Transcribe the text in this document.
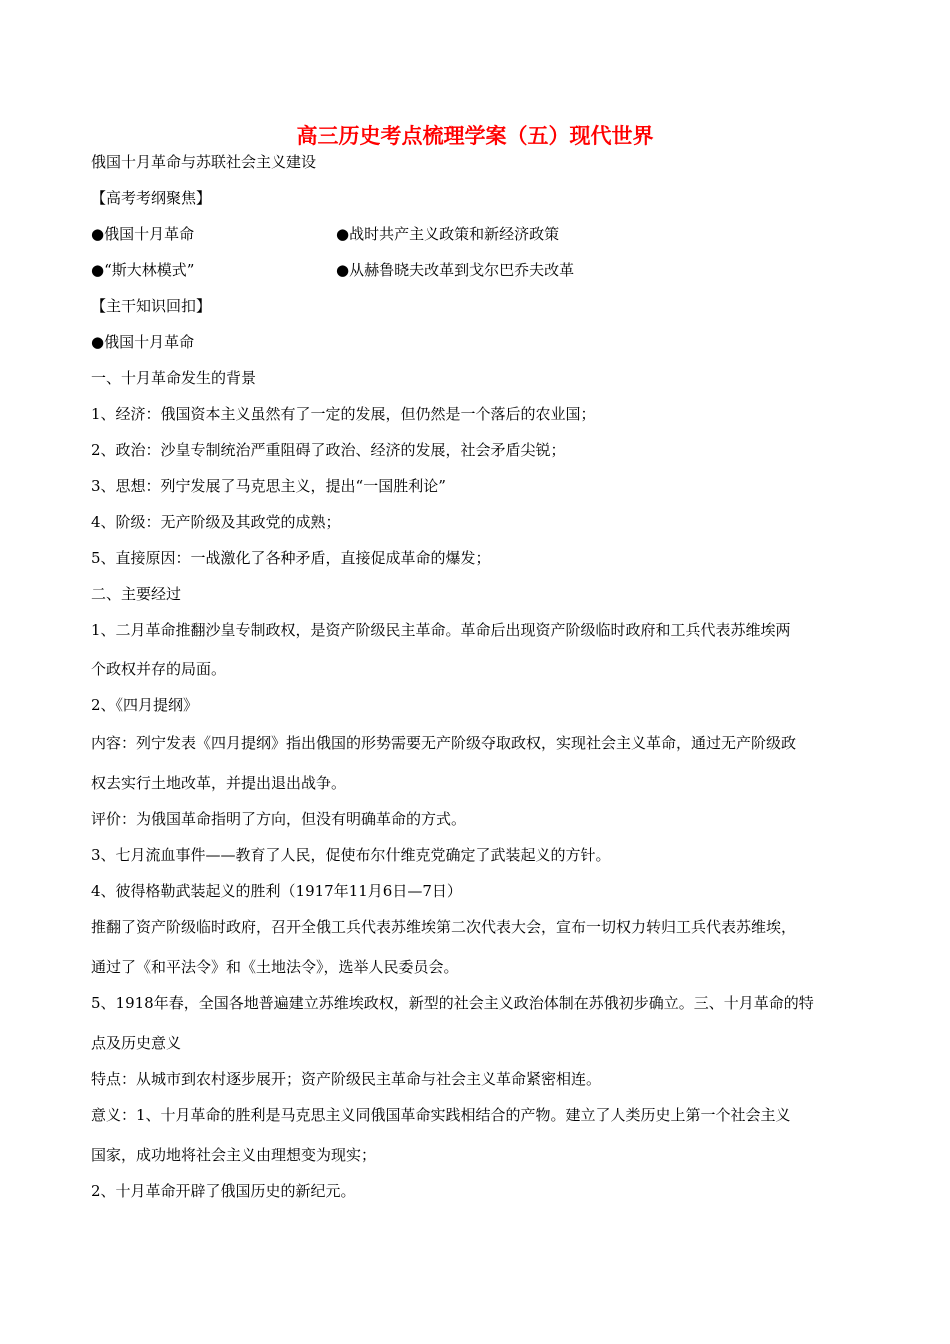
高三历史考点梳理学案（五）现代世界
俄国十月革命与苏联社会主义建设
【高考考纲聚焦】
●俄国十月革命	●战时共产主义政策和新经济政策
●“斯大林模式”	●从赫鲁晓夫改革到戈尔巴乔夫改革
【主干知识回扣】
●俄国十月革命
一、十月革命发生的背景
1、经济：俄国资本主义虽然有了一定的发展，但仍然是一个落后的农业国；
2、政治：沙皇专制统治严重阻碍了政治、经济的发展，社会矛盾尖锐；
3、思想：列宁发展了马克思主义，提出“一国胜利论”
4、阶级：无产阶级及其政党的成熟；
5、直接原因：一战激化了各种矛盾，直接促成革命的爆发；
二、主要经过
1、二月革命推翻沙皇专制政权，是资产阶级民主革命。革命后出现资产阶级临时政府和工兵代表苏维埃两
个政权并存的局面。
2、《四月提纲》
内容：列宁发表《四月提纲》指出俄国的形势需要无产阶级夺取政权，实现社会主义革命，通过无产阶级政
权去实行土地改革，并提出退出战争。
评价：为俄国革命指明了方向，但没有明确革命的方式。
3、七月流血事件——教育了人民，促使布尔什维克党确定了武装起义的方针。
4、彼得格勒武装起义的胜利（1917年11月6日—7日）
推翻了资产阶级临时政府，召开全俄工兵代表苏维埃第二次代表大会，宣布一切权力转归工兵代表苏维埃，
通过了《和平法令》和《土地法令》，选举人民委员会。
5、1918年春，全国各地普遍建立苏维埃政权，新型的社会主义政治体制在苏俄初步确立。三、十月革命的特
点及历史意义
特点：从城市到农村逐步展开；资产阶级民主革命与社会主义革命紧密相连。
意义：1、十月革命的胜利是马克思主义同俄国革命实践相结合的产物。建立了人类历史上第一个社会主义
国家，成功地将社会主义由理想变为现实；
2、十月革命开辟了俄国历史的新纪元。
